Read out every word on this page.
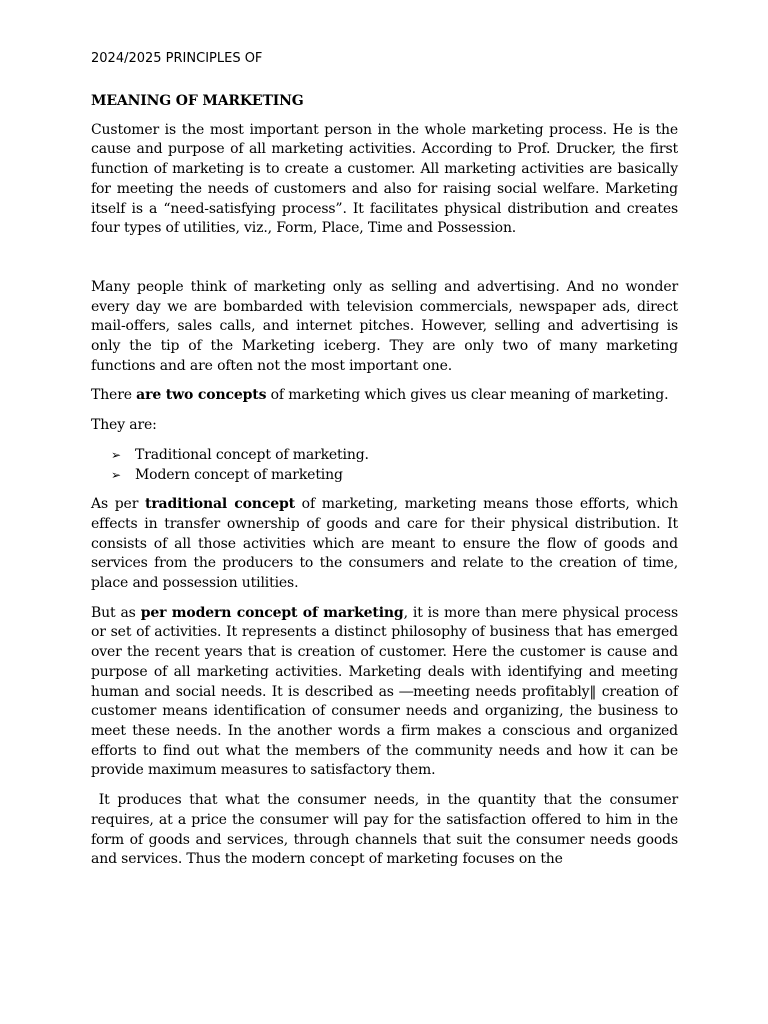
2024/2025 PRINCIPLES OF
MEANING OF MARKETING

Customer is the most important person in the whole marketing process. He is the cause and purpose of all marketing activities. According to Prof. Drucker, the first function of marketing is to create a customer. All marketing activities are basically for meeting the needs of customers and also for raising social welfare. Marketing itself is a “need-satisfying process”. It facilitates physical distribution and creates four types of utilities, viz., Form, Place, Time and Possession.

Many people think of marketing only as selling and advertising. And no wonder every day we are bombarded with television commercials, newspaper ads, direct mail-offers, sales calls, and internet pitches. However, selling and advertising is only the tip of the Marketing iceberg. They are only two of many marketing functions and are often not the most important one.

There are two concepts of marketing which gives us clear meaning of marketing.

They are:

➢ Traditional concept of marketing.
➢ Modern concept of marketing

As per traditional concept of marketing, marketing means those efforts, which effects in transfer ownership of goods and care for their physical distribution. It consists of all those activities which are meant to ensure the flow of goods and services from the producers to the consumers and relate to the creation of time, place and possession utilities.

But as per modern concept of marketing, it is more than mere physical process or set of activities. It represents a distinct philosophy of business that has emerged over the recent years that is creation of customer. Here the customer is cause and purpose of all marketing activities. Marketing deals with identifying and meeting human and social needs. It is described as ―meeting needs profitably‖ creation of customer means identification of consumer needs and organizing, the business to meet these needs. In the another words a firm makes a conscious and organized efforts to find out what the members of the community needs and how it can be provide maximum measures to satisfactory them.

It produces that what the consumer needs, in the quantity that the consumer requires, at a price the consumer will pay for the satisfaction offered to him in the form of goods and services, through channels that suit the consumer needs goods and services. Thus the modern concept of marketing focuses on the
